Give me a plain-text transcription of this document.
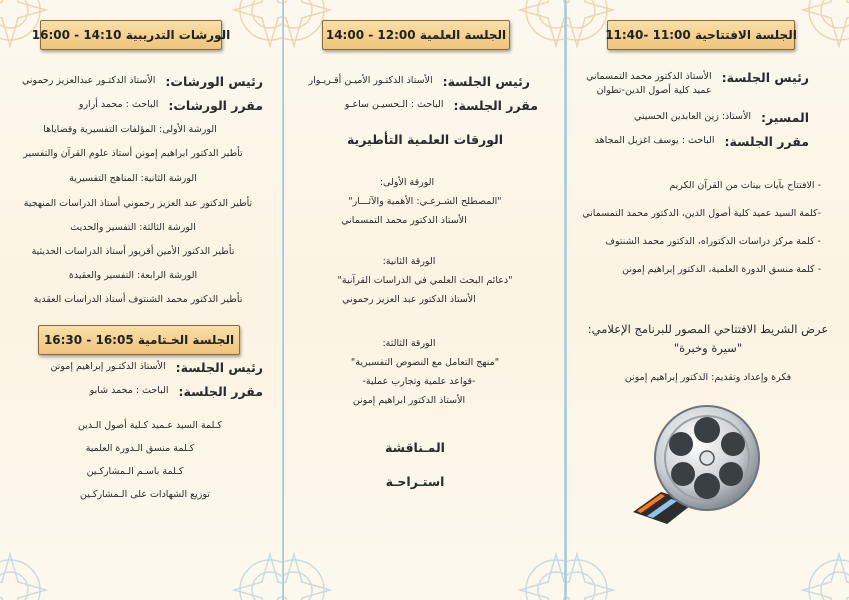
الورشات التدريبية 14:10 - 16:00
رئيس الورشات:
الأستاذ الدكتـور عبدالعزيز رحموني
مقرر الورشات:
الباحث : محمد أرارو
الورشة الأولى: المؤلفات التفسيرية وقضاياها
تأطير الدكتور ابراهيم إمونن أستاذ علوم القرآن والتفسير
الورشة الثانية: المناهج التفسيرية
تأطير الدكتور عبد العزيز رحموني أستاذ الدراسات المنهجية
الورشة الثالثة: التفسير والحديث
تأطير الدكتور الأمين أقريور أستاذ الدراسات الحديثية
الورشة الرابعة: التفسير والعقيدة
تأطير الدكتور محمد الشنتوف أستاذ الدراسات العقدية
الجلسة الخـتامية 16:05 - 16:30
رئيس الجلسة:
الأستاذ الدكتـور إبراهيم إمونن
مقرر الجلسة:
الباحث : محمد شابو
كـلمة السيد عـميد كـلية أصول الـدين
كـلمة منسق الـدورة العلمية
كـلمة باسـم الـمشاركـين
توزيع الشهادات على الـمشاركـين
الجلسة العلمية 12:00 - 14:00
رئيس الجلسة:
الأستاذ الدكتـور الأميـن أقـريـوار
مقرر الجلسة:
الباحث : الـحسيـن ساعـو
الورقات العلمية التأطيرية
الورقة الأولى:
"المصطلح الشـرعـي: الأهمية والآثـــار"
الأستاذ الدكتور محمد التمسماني
الورقة الثانية:
"دعائم البحث العلمي في الدراسات القرآنية"
الأستاذ الدكتور عبد العزيز رحموني
الورقة الثالثة:
"منهج التعامل مع النصوص التفسيرية"
-قواعد علمية وتجارب عملية-
الأستاذ الدكتور ابراهيم إمونن
المـناقشة
استـراحـة
الجلسة الافتتاحية 11:00 -11:40
رئيس الجلسة:
الأستاذ الدكتور محمد التمسماني
عميد كلية أصول الدين-تطوان
المسير:
الأستاذ: زين العابدين الحسيني
مقرر الجلسة:
الباحث : يوسف اغزيل المجاهد
- الافتتاح بآيات بينات من القرآن الكريم
-كلمة السيد عميد كلية أصول الدين، الدكتور محمد التمسماني
- كلمة مركز دراسات الدكتوراه، الدكتور محمد الشنتوف
- كلمة منسق الدورة العلمية، الدكتور إبراهيم إمونن
عرض الشريط الافتتاحي المصور للبرنامج الإعلامي:
"سيرة وخبرة"
فكرة وإعداد وتقديم: الدكتور إبراهيم إمونن
